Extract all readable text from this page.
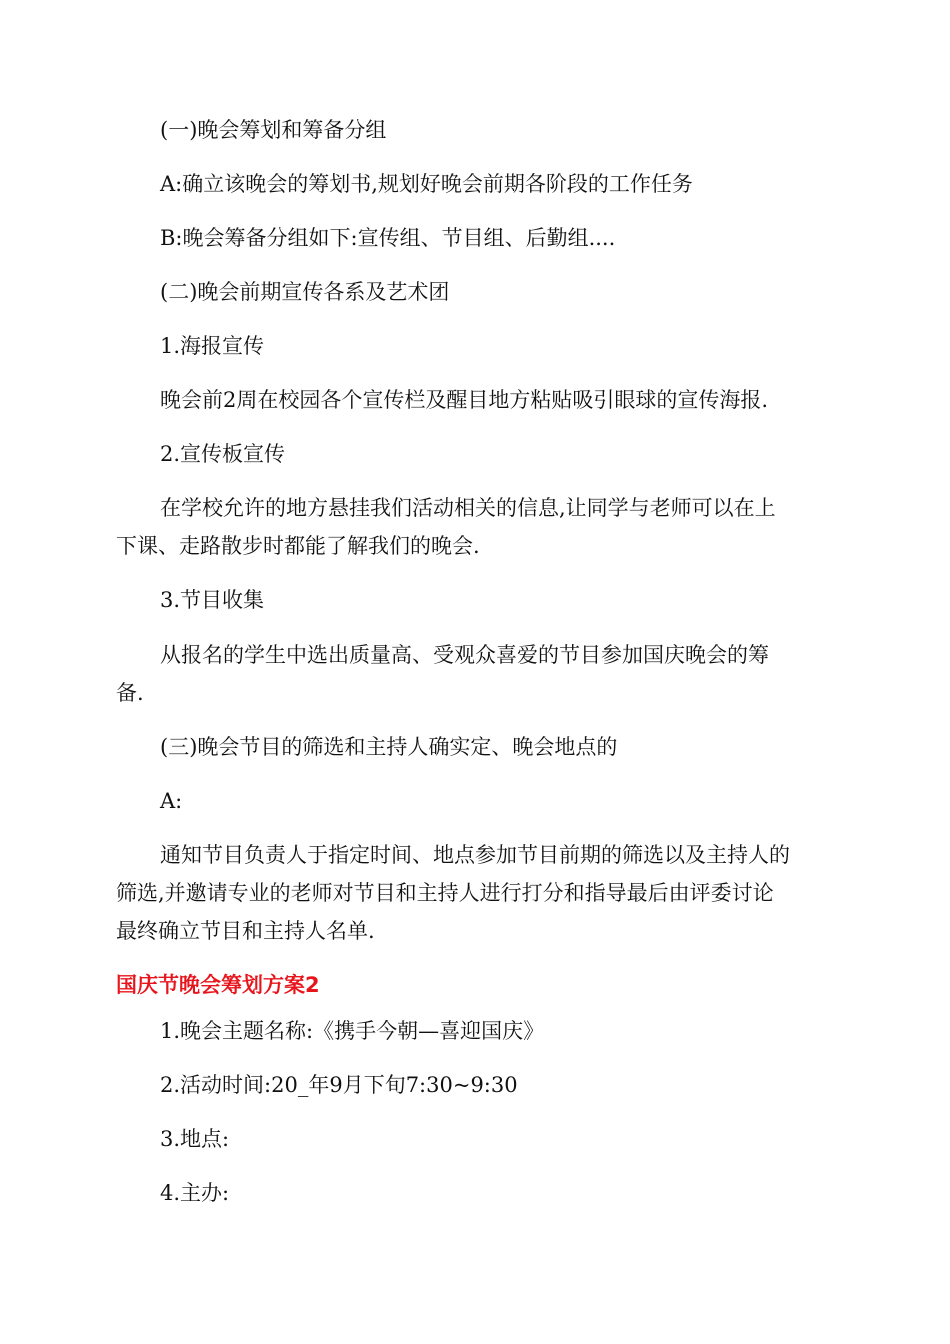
(一)晚会筹划和筹备分组

A:确立该晚会的筹划书,规划好晚会前期各阶段的工作任务

B:晚会筹备分组如下:宣传组、节目组、后勤组....

(二)晚会前期宣传各系及艺术团

1.海报宣传

晚会前2周在校园各个宣传栏及醒目地方粘贴吸引眼球的宣传海报.

2.宣传板宣传

在学校允许的地方悬挂我们活动相关的信息,让同学与老师可以在上

下课、走路散步时都能了解我们的晚会.

3.节目收集

从报名的学生中选出质量高、受观众喜爱的节目参加国庆晚会的筹

备.

(三)晚会节目的筛选和主持人确实定、晚会地点的

A:

通知节目负责人于指定时间、地点参加节目前期的筛选以及主持人的

筛选,并邀请专业的老师对节目和主持人进行打分和指导最后由评委讨论

最终确立节目和主持人名单.

国庆节晚会筹划方案2

1.晚会主题名称:《携手今朝—喜迎国庆》

2.活动时间:20_年9月下旬7:30~9:30

3.地点:

4.主办:
